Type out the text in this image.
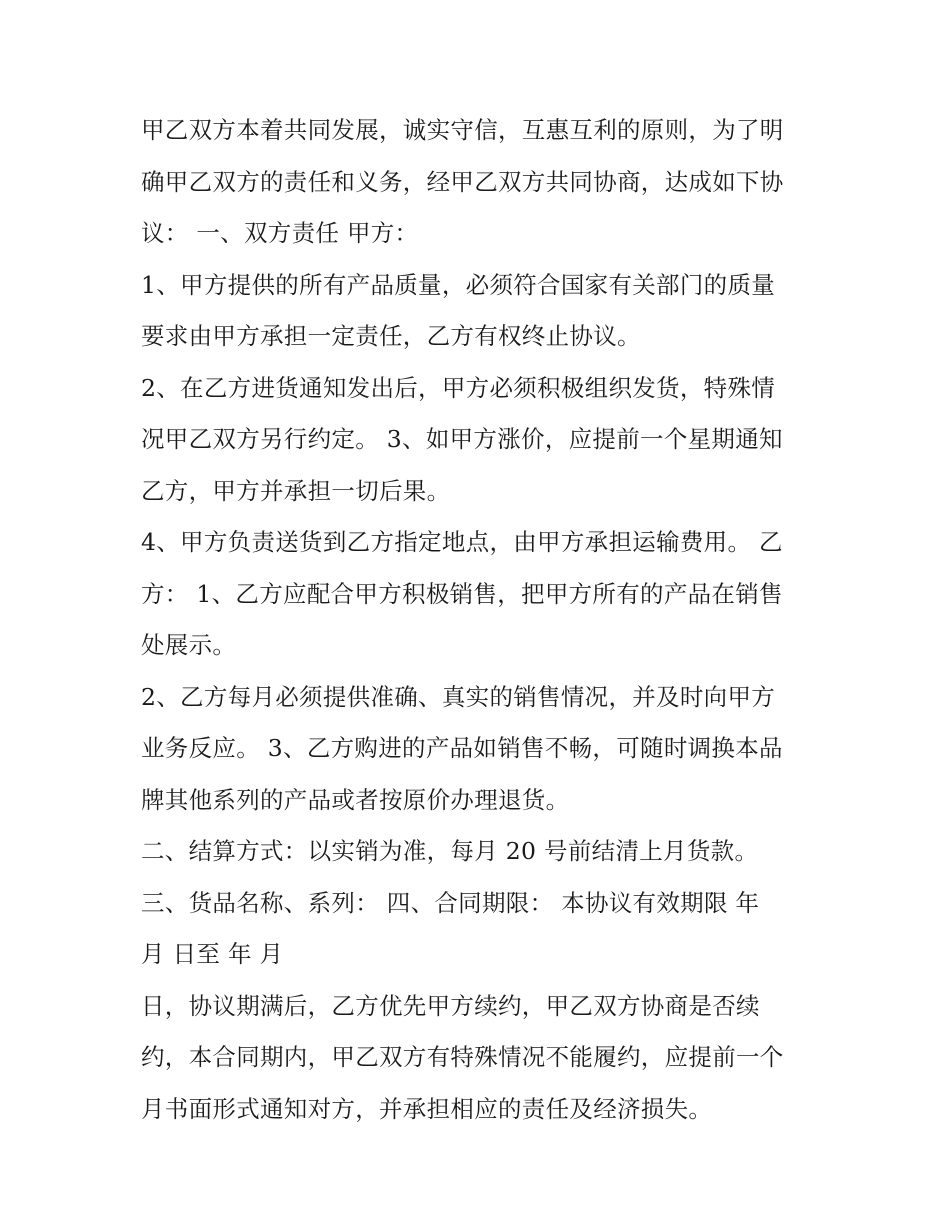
甲乙双方本着共同发展，诚实守信，互惠互利的原则，为了明
确甲乙双方的责任和义务，经甲乙双方共同协商，达成如下协
议： 一、双方责任 甲方：

1、甲方提供的所有产品质量，必须符合国家有关部门的质量
要求由甲方承担一定责任，乙方有权终止协议。

2、在乙方进货通知发出后，甲方必须积极组织发货，特殊情
况甲乙双方另行约定。 3、如甲方涨价，应提前一个星期通知
乙方，甲方并承担一切后果。

4、甲方负责送货到乙方指定地点，由甲方承担运输费用。 乙
方： 1、乙方应配合甲方积极销售，把甲方所有的产品在销售
处展示。

2、乙方每月必须提供准确、真实的销售情况，并及时向甲方
业务反应。 3、乙方购进的产品如销售不畅，可随时调换本品
牌其他系列的产品或者按原价办理退货。

二、结算方式：以实销为准，每月 20 号前结清上月货款。

三、货品名称、系列： 四、合同期限： 本协议有效期限 年
月 日至 年 月

日，协议期满后，乙方优先甲方续约，甲乙双方协商是否续
约，本合同期内，甲乙双方有特殊情况不能履约，应提前一个
月书面形式通知对方，并承担相应的责任及经济损失。
